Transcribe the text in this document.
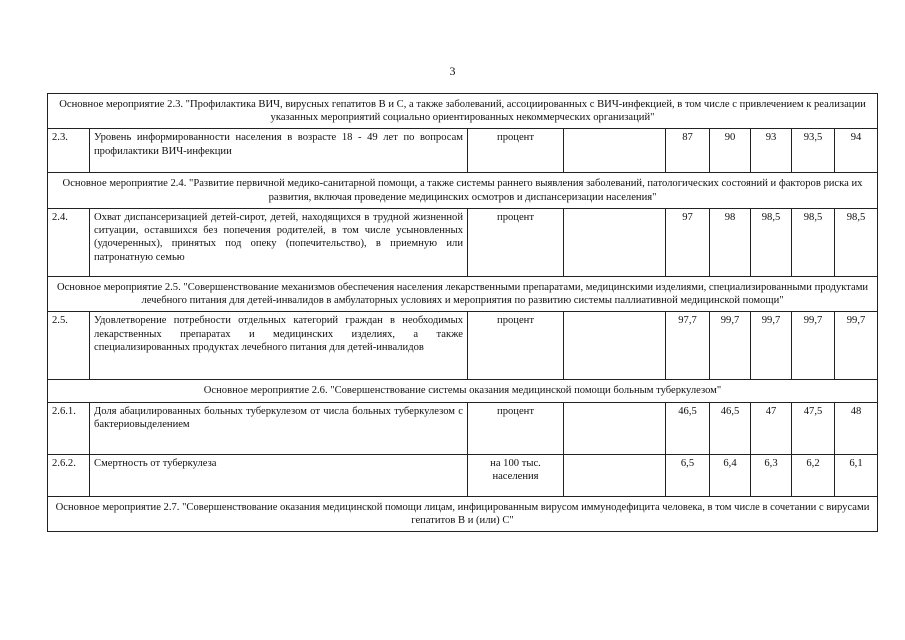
3
Основное мероприятие 2.3. "Профилактика ВИЧ, вирусных гепатитов В и С, а также заболеваний, ассоциированных с ВИЧ-инфекцией, в том числе с привлечением к реализации указанных мероприятий социально ориентированных некоммерческих организаций"								
2.3.	Уровень информированности населения в возрасте 18 - 49 лет по вопросам профилактики ВИЧ-инфекции	процент		87	90	93	93,5	94
Основное мероприятие 2.4. "Развитие первичной медико-санитарной помощи, а также системы раннего выявления заболеваний, патологических состояний и факторов риска их развития, включая проведение медицинских осмотров и диспансеризации населения"								
2.4.	Охват диспансеризацией детей-сирот, детей, находящихся в трудной жизненной ситуации, оставшихся без попечения родителей, в том числе усыновленных (удочеренных), принятых под опеку (попечительство), в приемную или патронатную семью	процент		97	98	98,5	98,5	98,5
Основное мероприятие 2.5. "Совершенствование механизмов обеспечения населения лекарственными препаратами, медицинскими изделиями, специализированными продуктами лечебного питания для детей-инвалидов в амбулаторных условиях и мероприятия по развитию системы паллиативной медицинской помощи"								
2.5.	Удовлетворение потребности отдельных категорий граждан в необходимых лекарственных препаратах и медицинских изделиях, а также специализированных продуктах лечебного питания для детей-инвалидов	процент		97,7	99,7	99,7	99,7	99,7
Основное мероприятие 2.6. "Совершенствование системы оказания медицинской помощи больным туберкулезом"								
2.6.1.	Доля абацилированных больных туберкулезом от числа больных туберкулезом с бактериовыделением	процент		46,5	46,5	47	47,5	48
2.6.2.	Смертность от туберкулеза	на 100 тыс. населения		6,5	6,4	6,3	6,2	6,1
Основное мероприятие 2.7. "Совершенствование оказания медицинской помощи лицам, инфицированным вирусом иммунодефицита человека, в том числе в сочетании с вирусами гепатитов В и (или) С"								
